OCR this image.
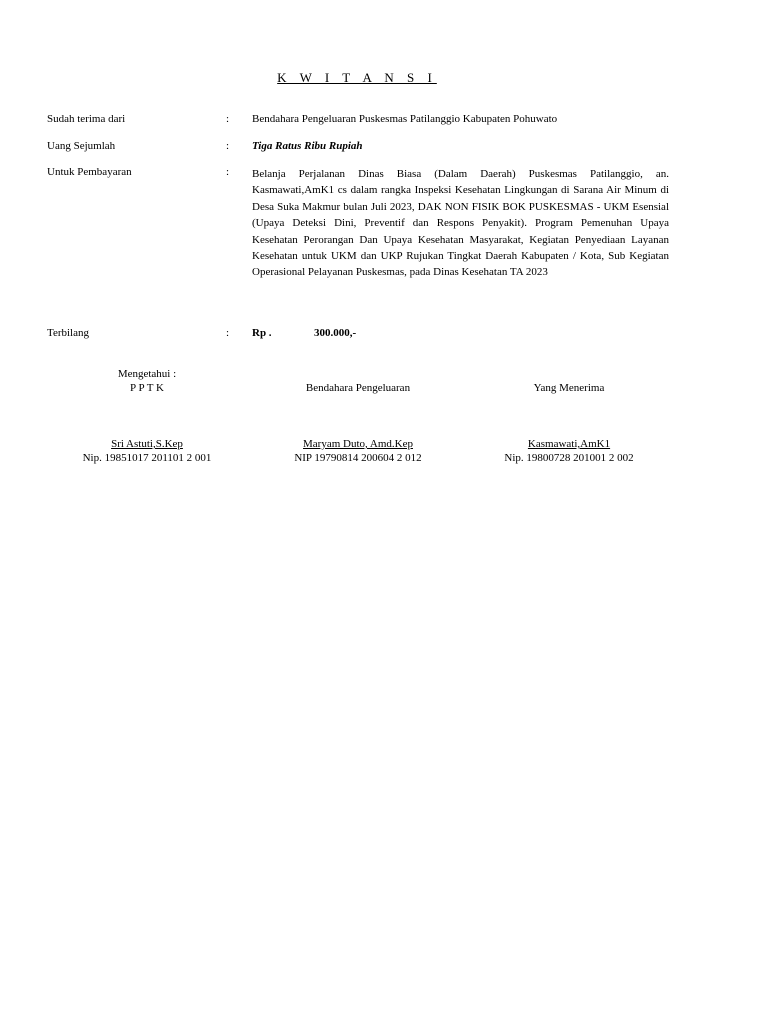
K W I T A N S I
Sudah terima dari	: Bendahara Pengeluaran Puskesmas Patilanggio Kabupaten Pohuwato
Uang Sejumlah	: Tiga Ratus Ribu Rupiah
Untuk Pembayaran	: Belanja Perjalanan Dinas Biasa (Dalam Daerah) Puskesmas Patilanggio, an. Kasmawati,AmK1 cs dalam rangka Inspeksi Kesehatan Lingkungan di Sarana Air Minum di Desa Suka Makmur bulan Juli 2023, DAK NON FISIK BOK PUSKESMAS - UKM Esensial (Upaya Deteksi Dini, Preventif dan Respons Penyakit). Program Pemenuhan Upaya Kesehatan Perorangan Dan Upaya Kesehatan Masyarakat, Kegiatan Penyediaan Layanan Kesehatan untuk UKM dan UKP Rujukan Tingkat Daerah Kabupaten / Kota, Sub Kegiatan Operasional Pelayanan Puskesmas, pada Dinas Kesehatan TA 2023
Terbilang	: Rp .	300.000,-
Mengetahui :
P P T K
Sri Astuti,S.Kep
Nip. 19851017 201101 2 001
Bendahara Pengeluaran
Maryam Duto, Amd.Kep
NIP 19790814 200604 2 012
Yang Menerima
Kasmawati,AmK1
Nip. 19800728 201001 2 002
